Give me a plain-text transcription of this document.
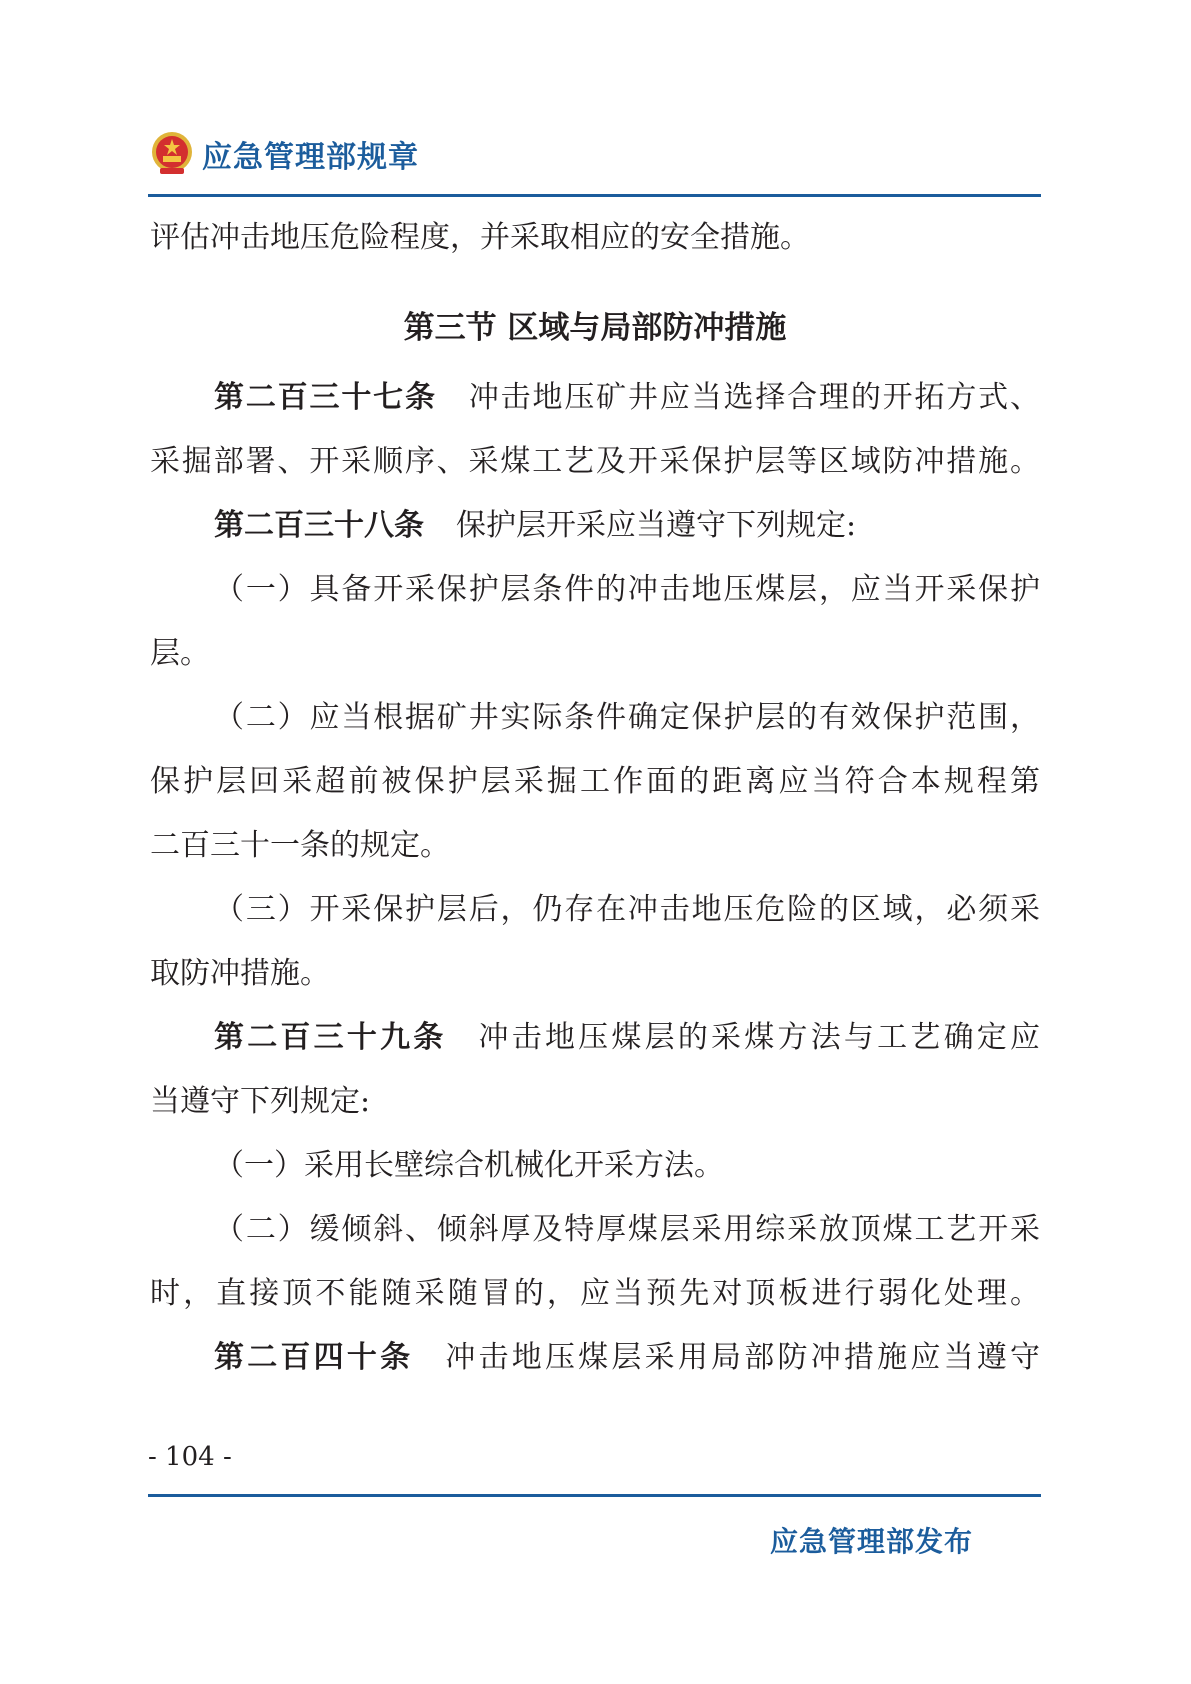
应急管理部规章
评估冲击地压危险程度，并采取相应的安全措施。
第三节 区域与局部防冲措施
第二百三十七条 冲击地压矿井应当选择合理的开拓方式、
采掘部署、开采顺序、采煤工艺及开采保护层等区域防冲措施。
第二百三十八条 保护层开采应当遵守下列规定:
（一）具备开采保护层条件的冲击地压煤层，应当开采保护
层。
（二）应当根据矿井实际条件确定保护层的有效保护范围，
保护层回采超前被保护层采掘工作面的距离应当符合本规程第
二百三十一条的规定。
（三）开采保护层后，仍存在冲击地压危险的区域，必须采
取防冲措施。
第二百三十九条 冲击地压煤层的采煤方法与工艺确定应
当遵守下列规定:
（一）采用长壁综合机械化开采方法。
（二）缓倾斜、倾斜厚及特厚煤层采用综采放顶煤工艺开采
时，直接顶不能随采随冒的，应当预先对顶板进行弱化处理。
第二百四十条 冲击地压煤层采用局部防冲措施应当遵守
- 104 -
应急管理部发布
